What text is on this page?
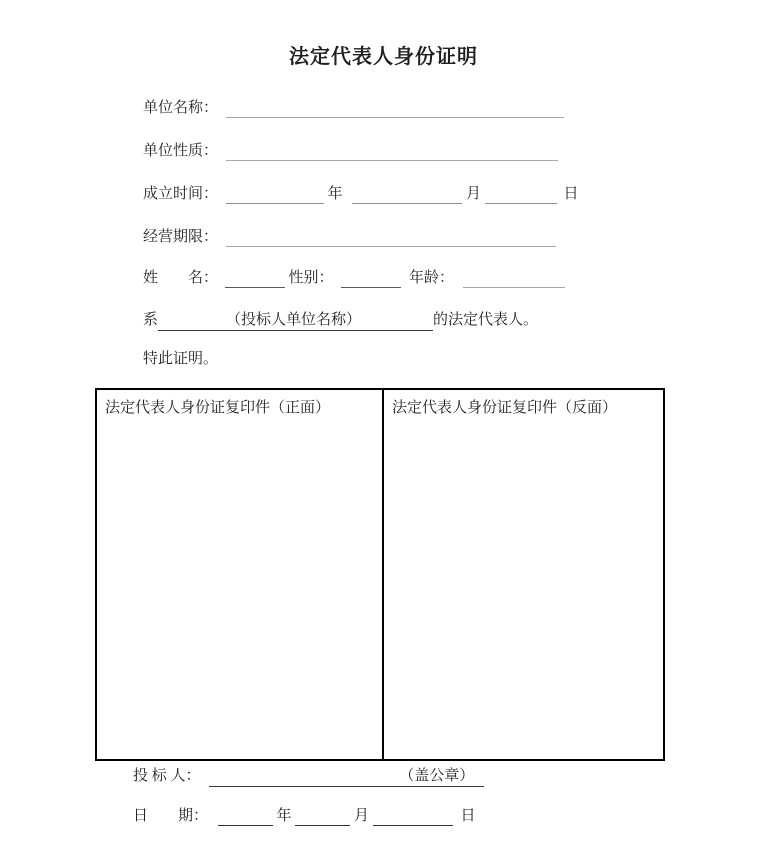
法定代表人身份证明
单位名称：
单位性质：
成立时间：	年	月	日
经营期限：
姓　　名：	性别：	年龄：
系	（投标人单位名称）	的法定代表人。
特此证明。
法定代表人身份证复印件（正面）	法定代表人身份证复印件（反面）
投 标 人：	（盖公章）
日　　期：	年	月	日
